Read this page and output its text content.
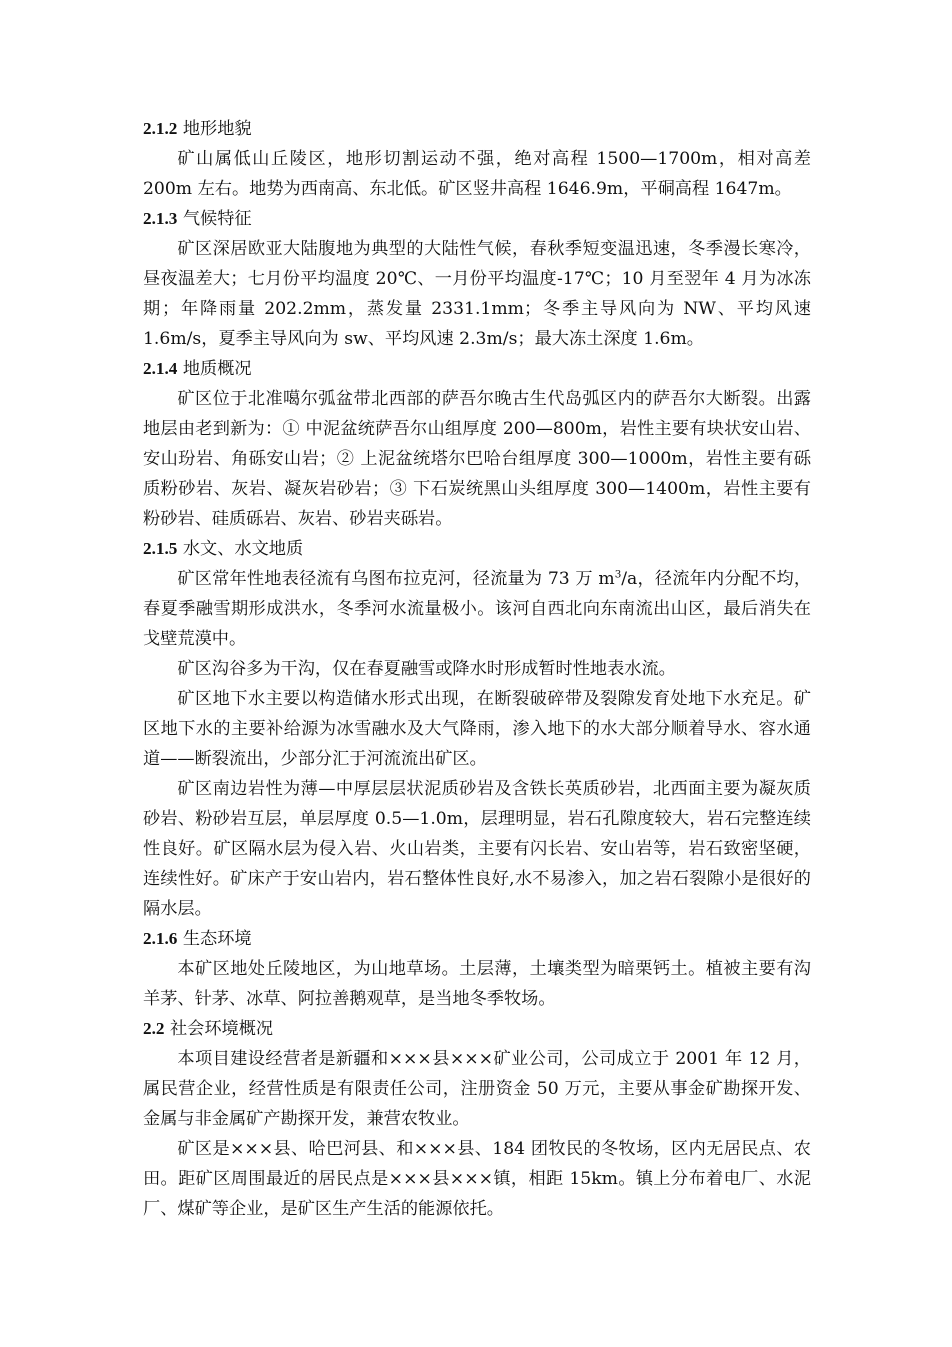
2.1.2 地形地貌

矿山属低山丘陵区，地形切割运动不强，绝对高程 1500—1700m，相对高差 200m 左右。地势为西南高、东北低。矿区竖井高程 1646.9m，平硐高程 1647m。

2.1.3 气候特征

矿区深居欧亚大陆腹地为典型的大陆性气候，春秋季短变温迅速，冬季漫长寒冷，昼夜温差大；七月份平均温度 20℃、一月份平均温度-17℃；10 月至翌年 4 月为冰冻期；年降雨量 202.2mm，蒸发量 2331.1mm；冬季主导风向为 NW、平均风速 1.6m/s，夏季主导风向为 sw、平均风速 2.3m/s；最大冻土深度 1.6m。

2.1.4 地质概况

矿区位于北准噶尔弧盆带北西部的萨吾尔晚古生代岛弧区内的萨吾尔大断裂。出露地层由老到新为：① 中泥盆统萨吾尔山组厚度 200—800m，岩性主要有块状安山岩、安山玢岩、角砾安山岩；② 上泥盆统塔尔巴哈台组厚度 300—1000m，岩性主要有砾质粉砂岩、灰岩、凝灰岩砂岩；③ 下石炭统黑山头组厚度 300—1400m，岩性主要有粉砂岩、硅质砾岩、灰岩、砂岩夹砾岩。

2.1.5 水文、水文地质

矿区常年性地表径流有乌图布拉克河，径流量为 73 万 $m^3/a$，径流年内分配不均，春夏季融雪期形成洪水，冬季河水流量极小。该河自西北向东南流出山区，最后消失在戈壁荒漠中。

矿区沟谷多为干沟，仅在春夏融雪或降水时形成暂时性地表水流。

矿区地下水主要以构造储水形式出现，在断裂破碎带及裂隙发育处地下水充足。矿区地下水的主要补给源为冰雪融水及大气降雨，渗入地下的水大部分顺着导水、容水通道——断裂流出，少部分汇于河流流出矿区。

矿区南边岩性为薄—中厚层层状泥质砂岩及含铁长英质砂岩，北西面主要为凝灰质砂岩、粉砂岩互层，单层厚度 0.5—1.0m，层理明显，岩石孔隙度较大，岩石完整连续性良好。矿区隔水层为侵入岩、火山岩类，主要有闪长岩、安山岩等，岩石致密坚硬，连续性好。矿床产于安山岩内，岩石整体性良好,水不易渗入，加之岩石裂隙小是很好的隔水层。

2.1.6 生态环境

本矿区地处丘陵地区，为山地草场。土层薄，土壤类型为暗栗钙土。植被主要有沟羊茅、针茅、冰草、阿拉善鹅观草，是当地冬季牧场。

2.2 社会环境概况

本项目建设经营者是新疆和×××县×××矿业公司，公司成立于 2001 年 12 月，属民营企业，经营性质是有限责任公司，注册资金 50 万元，主要从事金矿勘探开发、金属与非金属矿产勘探开发，兼营农牧业。

矿区是×××县、哈巴河县、和×××县、184 团牧民的冬牧场，区内无居民点、农田。距矿区周围最近的居民点是×××县×××镇，相距 15km。镇上分布着电厂、水泥厂、煤矿等企业，是矿区生产生活的能源依托。
